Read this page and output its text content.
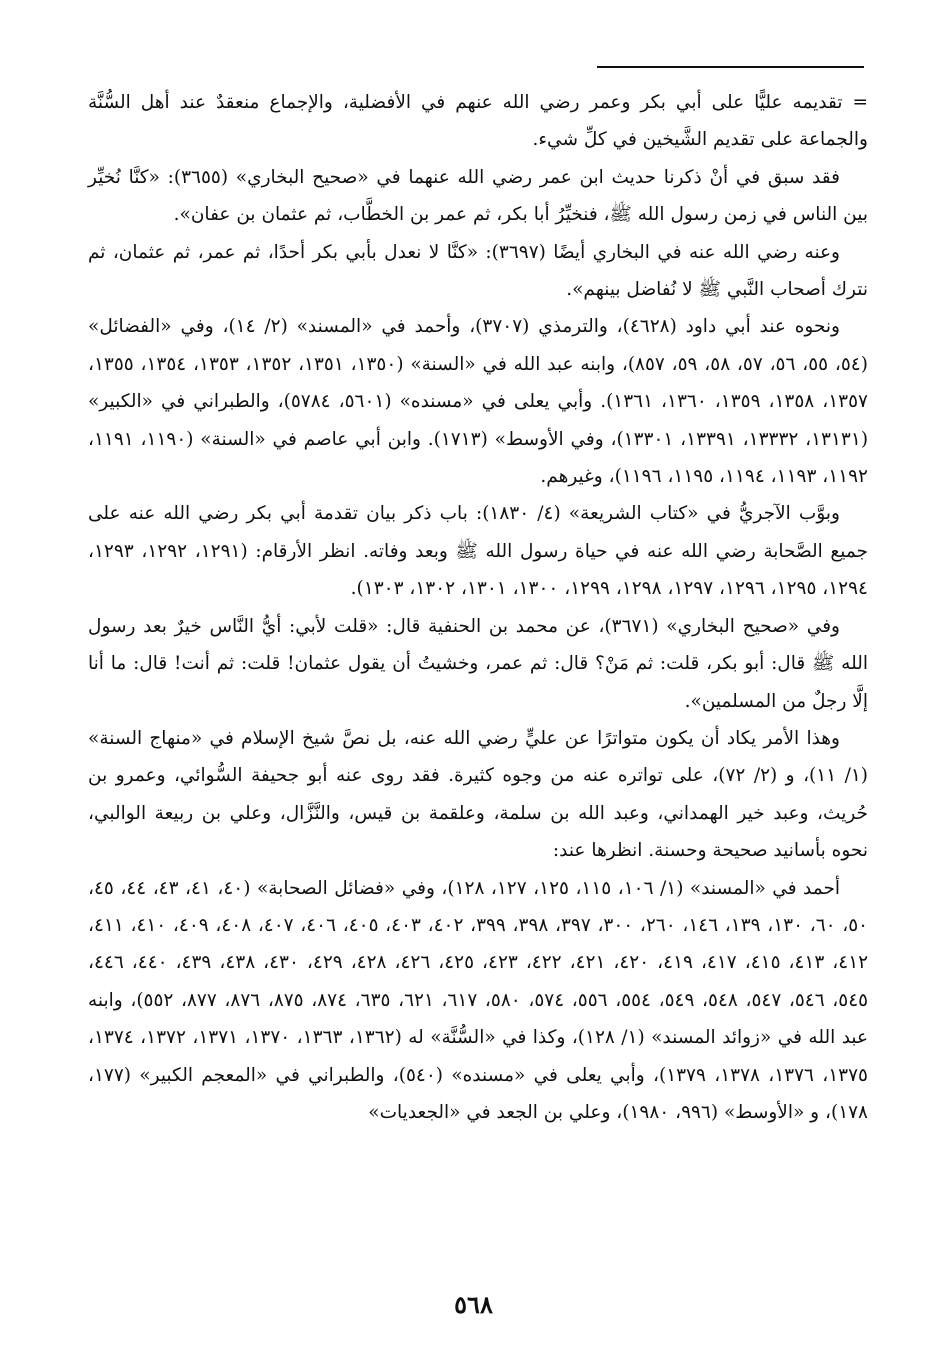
= تقديمه عليًّا على أبي بكر وعمر رضي الله عنهم في الأفضلية، والإجماع منعقدٌ عند أهل السُّنَّة والجماعة على تقديم الشَّيخين في كلِّ شيء.

فقد سبق في أنْ ذكرنا حديث ابن عمر رضي الله عنهما في «صحيح البخاري» (٣٦٥٥): «كنَّا نُخيِّر بين الناس في زمن رسول الله ﷺ، فنخيِّرُ أبا بكر، ثم عمر بن الخطَّاب، ثم عثمان بن عفان».

وعنه رضي الله عنه في البخاري أيضًا (٣٦٩٧): «كنَّا لا نعدل بأبي بكر أحدًا، ثم عمر، ثم عثمان، ثم نترك أصحاب النَّبي ﷺ لا نُفاضل بينهم».

ونحوه عند أبي داود (٤٦٢٨)، والترمذي (٣٧٠٧)، وأحمد في «المسند» (٢/ ١٤)، وفي «الفضائل» (٥٤، ٥٥، ٥٦، ٥٧، ٥٨، ٥٩، ٨٥٧)، وابنه عبد الله في «السنة» (١٣٥٠، ١٣٥١، ١٣٥٢، ١٣٥٣، ١٣٥٤، ١٣٥٥، ١٣٥٧، ١٣٥٨، ١٣٥٩، ١٣٦٠، ١٣٦١). وأبي يعلى في «مسنده» (٥٦٠١، ٥٧٨٤)، والطبراني في «الكبير» (١٣١٣١، ١٣٣٣٢، ١٣٣٩١، ١٣٣٠١)، وفي الأوسط» (١٧١٣). وابن أبي عاصم في «السنة» (١١٩٠، ١١٩١، ١١٩٢، ١١٩٣، ١١٩٤، ١١٩٥، ١١٩٦)، وغيرهم.

وبوَّب الآجريُّ في «كتاب الشريعة» (٤/ ١٨٣٠): باب ذكر بيان تقدمة أبي بكر رضي الله عنه على جميع الصَّحابة رضي الله عنه في حياة رسول الله ﷺ وبعد وفاته. انظر الأرقام: (١٢٩١، ١٢٩٢، ١٢٩٣، ١٢٩٤، ١٢٩٥، ١٢٩٦، ١٢٩٧، ١٢٩٨، ١٢٩٩، ١٣٠٠، ١٣٠١، ١٣٠٢، ١٣٠٣).

وفي «صحيح البخاري» (٣٦٧١)، عن محمد بن الحنفية قال: «قلت لأبي: أيُّ النَّاس خيرٌ بعد رسول الله ﷺ قال: أبو بكر، قلت: ثم مَنْ؟ قال: ثم عمر، وخشيتُ أن يقول عثمان! قلت: ثم أنت! قال: ما أنا إلَّا رجلٌ من المسلمين».

وهذا الأمر يكاد أن يكون متواترًا عن عليٍّ رضي الله عنه، بل نصَّ شيخ الإسلام في «منهاج السنة» (١/ ١١)، و (٢/ ٧٢)، على تواتره عنه من وجوه كثيرة. فقد روى عنه أبو جحيفة السُّوائي، وعمرو بن حُريث، وعبد خير الهمداني، وعبد الله بن سلمة، وعلقمة بن قيس، والنَّزَّال، وعلي بن ربيعة الوالبي، نحوه بأسانيد صحيحة وحسنة. انظرها عند:

أحمد في «المسند» (١/ ١٠٦، ١١٥، ١٢٥، ١٢٧، ١٢٨)، وفي «فضائل الصحابة» (٤٠، ٤١، ٤٣، ٤٤، ٤٥، ٥٠، ٦٠، ١٣٠، ١٣٩، ١٤٦، ٢٦٠، ٣٠٠، ٣٩٧، ٣٩٨، ٣٩٩، ٤٠٢، ٤٠٣، ٤٠٥، ٤٠٦، ٤٠٧، ٤٠٨، ٤٠٩، ٤١٠، ٤١١، ٤١٢، ٤١٣، ٤١٥، ٤١٧، ٤١٩، ٤٢٠، ٤٢١، ٤٢٢، ٤٢٣، ٤٢٥، ٤٢٦، ٤٢٨، ٤٢٩، ٤٣٠، ٤٣٨، ٤٣٩، ٤٤٠، ٤٤٦، ٥٤٥، ٥٤٦، ٥٤٧، ٥٤٨، ٥٤٩، ٥٥٤، ٥٥٦، ٥٧٤، ٥٨٠، ٦١٧، ٦٢١، ٦٣٥، ٨٧٤، ٨٧٥، ٨٧٦، ٨٧٧، ٥٥٢)، وابنه عبد الله في «زوائد المسند» (١/ ١٢٨)، وكذا في «السُّنَّة» له (١٣٦٢، ١٣٦٣، ١٣٧٠، ١٣٧١، ١٣٧٢، ١٣٧٤، ١٣٧٥، ١٣٧٦، ١٣٧٨، ١٣٧٩)، وأبي يعلى في «مسنده» (٥٤٠)، والطبراني في «المعجم الكبير» (١٧٧، ١٧٨)، و «الأوسط» (٩٩٦، ١٩٨٠)، وعلي بن الجعد في «الجعديات»

٥٦٨
